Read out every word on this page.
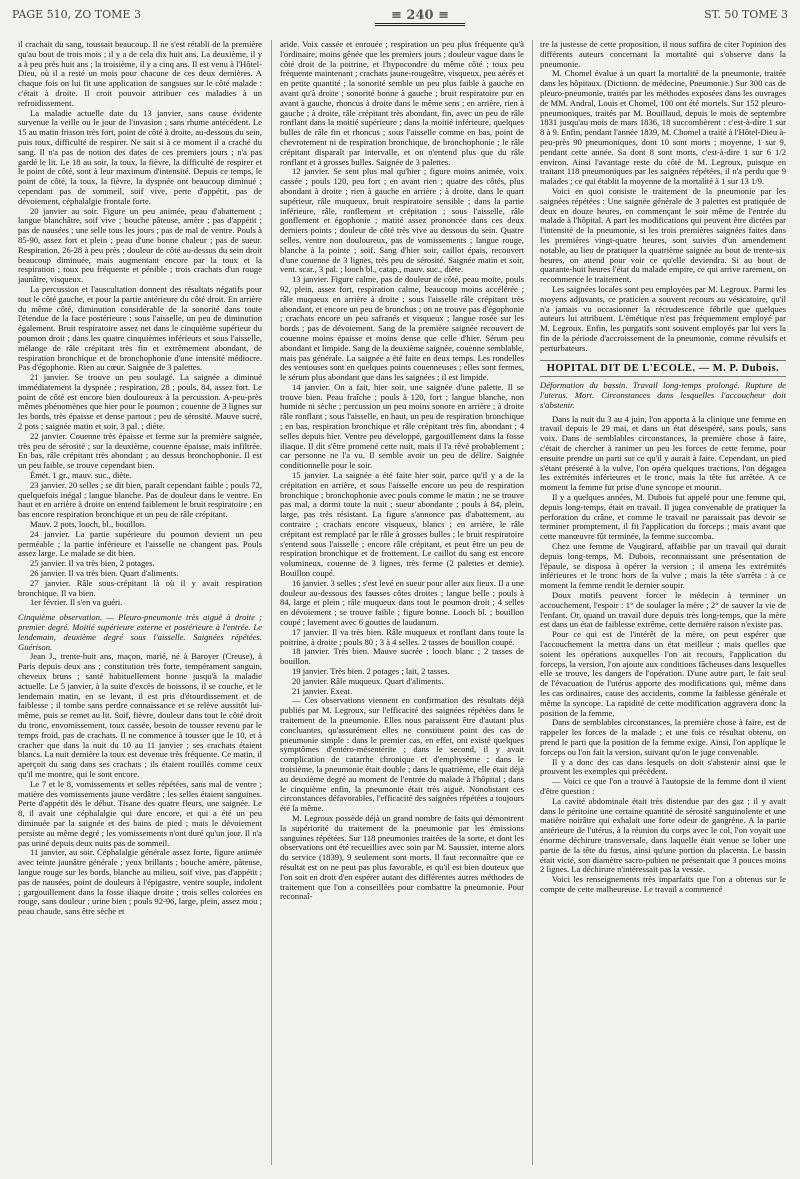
PAGE 510, ZO TOME 3	≡ 240 ≡	ST. 50 TOME 3

il crachait du sang, toussait beaucoup. Il ne s'est rétabli de la première qu'au bout de trois mois ; il y a de cela dix huit ans. La deuxième, il y a à peu près huit ans ; la troisième, il y a cinq ans. Il est venu à l'Hôtel-Dieu, où il a resté un mois pour chacune de ces deux dernières. A chaque fois on lui fit une application de sangsues sur le côté malade : c'était à droite. Il croit pouvoir attribuer ces maladies à un refroidissement.

La maladie actuelle date du 13 janvier, sans cause évidente survenue la veille ou le jour de l'invasion ; sans rhume antécédent. Le 15 au matin frisson très fort, point de côté à droite, au-dessous du sein, puis toux, difficulté de respirer. Ne sait si à ce moment il a craché du sang. Il n'a pas de notion des dates de ces premiers jours ; n'a pas gardé le lit. Le 18 au soir, la toux, la fièvre, la difficulté de respirer et le point de côté, sont à leur maximum d'intensité. Depuis ce temps, le point de côté, la toux, la fièvre, la dyspnée ont beaucoup diminué ; cependant pas de sommeil, soif vive, perte d'appétit, pas de dévoiement, céphalalgie frontale forte.

20 janvier au soir. Figure un peu animée, peau d'abattement ; langue blanchâtre, soif vive ; bouche pâteuse, amère ; pas d'appétit ; pas de nausées ; une selle tous les jours ; pas de mal de ventre. Pouls à 85-90, assez fort et plein ; peau d'une bonne chaleur ; pas de sueur. Respiration, 26-28 à peu près ; douleur de côté au-dessus du sein droit beaucoup diminuée, mais augmentant encore par la toux et la respiration ; toux peu fréquente et pénible ; trois crachats d'un rouge jaunâtre, visqueux.

La percussion et l'auscultation donnent des résultats négatifs pour tout le côté gauche, et pour la partie antérieure du côté droit. En arrière du même côté, diminution considérable de la sonorité dans toute l'étendue de la face postérieure ; sous l'aisselle, un peu de diminution également. Bruit respiratoire assez net dans le cinquième supérieur du poumon droit ; dans les quatre cinquièmes inférieurs et sous l'aisselle, mélange de râle crépitant très fin et extrêmement abondant, de respiration bronchique et de bronchophonie d'une intensité médiocre. Pas d'égophonie. Rien au cœur. Saignée de 3 palettes.

21 janvier. Se trouve un peu soulagé. La saignée a diminué immédiatement la dyspnée ; respiration, 28 ; pouls, 84, assez fort. Le point de côté est encore bien douloureux à la percussion. A-peu-près mêmes phénomènes que hier pour le poumon ; couenne de 3 lignes sur les bords, très épaisse et dense partout ; peu de sérosité. Mauve sucré, 2 pots ; saignée matin et soir, 3 pal. ; diète.

22 janvier. Couenne très épaisse et ferme sur la première saignée, très peu de sérosité ; sur la deuxième, couenne épaisse, mais infiltrée. En bas, râle crépitant très abondant ; au dessus bronchophonie. Il est un peu faible, se trouve cependant bien.

Émét. 1 gr., mauv. suc., diète.

23 janvier. 20 selles ; se dit bien, paraît cependant faible ; pouls 72, quelquefois inégal ; langue blanche. Pas de douleur dans le ventre. En haut et en arrière à droite on entend faiblement le bruit respiratoire ; en bas encore respiration bronchique et un peu de râle crépitant.

Mauv. 2 pots, looch, bl., bouillon.

24 janvier. La partie supérieure du poumon devient un peu perméable ; la partie inférieure et l'aisselle ne changent pas. Pouls assez large. Le malade se dit bien.

25 janvier. Il va très bien, 2 potages.

26 janvier. Il va très bien. Quart d'aliments.

27 janvier. Râle sous-crépitant là où il y avait respiration bronchique. Il va bien.

1er février. Il s'en va guéri.

Cinquième observation. — Pleuro-pneumonie très aiguë à droite ; premier degré. Moitié supérieure externe et postérieure à l'entrée. Le lendemain, deuxième degré sous l'aisselle. Saignées répétées. Guérison.

Jean J., trente-huit ans, maçon, marié, né à Baroyer (Creuse), à Paris depuis deux ans ; constitution très forte, tempérament sanguin, cheveux bruns ; santé habituellement bonne jusqu'à la maladie actuelle. Le 5 janvier, à la suite d'excès de boissons, il se couche, et le lendemain matin, en se levant, il est pris d'étourdissement et de faiblesse ; il tombe sans perdre connaissance et se relève aussitôt lui-même, puis se remet au lit. Soif, fièvre, douleur dans tout le côté droit du tronc, envomissement, toux cassée, besoin de tousser revenu par le temps froid, pas de crachats. Il ne commence à tousser que le 10, et à cracher que dans la nuit du 10 au 11 janvier ; ses crachats étaient blancs. La nuit dernière la toux est devenue très fréquente. Ce matin, il aperçoit du sang dans ses crachats ; ils étaient rouillés comme ceux qu'il me montre, qui le sont encore.

Le 7 et le 8, vomissements et selles répétées, sans mal de ventre ; matière des vomissements jaune verdâtre ; les selles étaient sanguines. Perte d'appétit dès le début. Tisane des quatre fleurs, une saignée. Le 8, il avait une céphalalgie qui dure encore, et qui a été un peu diminuée par la saignée et des bains de pied ; mais le dévoiement persiste au même degré ; les vomissements n'ont duré qu'un jour. Il n'a pas uriné depuis deux nuits pas de sommeil.

11 janvier, au soir. Céphalalgie générale assez forte, figure animée avec teinte jaunâtre générale ; yeux brillants ; bouche amère, pâteuse, langue rouge sur les bords, blanche au milieu, soif vive, pas d'appétit ; pas de nausées, point de douleurs à l'épigastre, ventre souple, indolent ; gargouillement dans la fosse iliaque droite ; trois selles colorées en rouge, sans douleur ; urine bien ; pouls 92-96, large, plein, assez mou ; peau chaude, sans être sèche et

aride. Voix cassée et enrouée ; respiration un peu plus fréquente qu'à l'ordinaire, moins gênée que les premiers jours ; douleur vague dans le côté droit de la poitrine, et l'hypocondre du même côté ; toux peu fréquente maintenant ; crachats jaune-rougeâtre, visqueux, peu aérés et en petite quantité ; la sonorité semble un peu plus faible à gauche en avant qu'à droite ; sonorité bonne à gauche ; bruit respiratoire pur en avant à gauche, rhoncus à droite dans le même sens ; en arrière, rien à gauche ; à droite, râle crépitant très abondant, fin, avec un peu de râle ronflant dans la moitié supérieure ; dans la moitié inférieure, quelques bulles de râle fin et rhoncus ; sous l'aisselle comme en bas, point de chevrotement ni de respiration bronchique, de bronchophonie ; le râle crépitant disparaît par intervalle, et on n'entend plus que du râle ronflant et à grosses bulles. Saignée de 3 palettes.

12 janvier. Se sent plus mal qu'hier ; figure moins animée, voix cassée ; pouls 120, peu fort ; en avant rien ; quatre des côtés, plus abondant à droite ; rien à gauche en arrière ; à droite, dans le quart supérieur, râle muqueux, bruit respiratoire sensible ; dans la partie inférieure, râle, ronflement et crépitation ; sous l'aisselle, râle gonflement et égophonie ; matité assez prononcée dans ces deux derniers points ; douleur de côté très vive au dessous du sein. Quatre selles, ventre non douloureux, pas de vomissements ; langue rouge, blanche à la pointe ; soif. Sang d'hier soir, caillot épais, recouvert d'une couenne de 3 lignes, très peu de sérosité. Saignée matin et soir, vent. scar., 3 pal. ; looch bl., catap., mauv. suc., diète.

13 janvier. Figure calme, pas de douleur de côté, peau moite, pouls 92, plein, assez fort, respiration calme, beaucoup moins accélérée ; râle muqueux en arrière à droite ; sous l'aisselle râle crépitant très abondant, et encore un peu de bronchus ; on ne trouve pas d'égophonie ; crachats encore un peu safranés et visqueux ; langue rosée sur les bords ; pas de dévoiement. Sang de la première saignée recouvert de couenne moins épaisse et moins dense que celle d'hier. Sérum peu abondant et limpide. Sang de la deuxième saignée, couenne semblable, mais pas générale. La saignée a été faite en deux temps. Les rondelles des ventouses sont en quelques points couenneuses ; elles sont fermes, le sérum plus abondant que dans les saignées ; il est limpide.

14 janvier. On a fait, hier soir, une saignée d'une palette. Il se trouve bien. Peau fraîche ; pouls à 120, fort ; langue blanche, non humide ni sèche ; percussion un peu moins sonore en arrière ; à droite râle ronflant ; sous l'aisselle, en haut, un peu de respiration bronchique ; en bas, respiration bronchique et râle crépitant très fin, abondant ; 4 selles depuis hier. Ventre peu développé, gargouillement dans la fosse iliaque. Il dit s'être promené cette nuit, mais il l'a rêvé probablement ; car personne ne l'a vu. Il semble avoir un peu de délire. Saignée conditionnelle pour le soir.

15 janvier. La saignée a été faite hier soir, parce qu'il y a de la crépitation en arrière, et sous l'aisselle encore un peu de respiration bronchique ; bronchophonie avec pouls comme le matin ; ne se trouve pas mal, a dormi toute la nuit ; sueur abondante ; pouls à 84, plein, large, pas très résistant. La figure s'annonce pas d'abattement, au contraire ; crachats encore visqueux, blancs ; en arrière, le râle crépitant est remplacé par le râle à grosses bulles ; le bruit respiratoire s'entend sous l'aisselle ; encore râle crépitant, et peut être un peu de respiration bronchique et de frottement. Le caillot du sang est encore volumineux, couenne de 3 lignes, très ferme (2 palettes et demie). Bouillon coupé.

16 janvier. 3 selles ; s'est levé en sueur pour aller aux lieux. Il a une douleur au-dessous des fausses côtes droites ; langue belle ; pouls à 84, large et plein ; râle muqueux dans tout le poumon droit ; 4 selles en dévoiement ; se trouve faible ; figure bonne. Looch bl. ; bouillon coupé ; lavement avec 6 gouttes de laudanum.

17 janvier. Il va très bien. Râle muqueux et ronflant dans toute la poitrine, à droite ; pouls 80 ; 3 à 4 selles. 2 tasses de bouillon coupé.

18 janvier. Très bien. Mauve sucrée ; looch blanc ; 2 tasses de bouillon.

19 janvier. Très bien. 2 potages ; lait, 2 tasses.

20 janvier. Râle muqueux. Quart d'aliments.

21 janvier. Exeat.

— Ces observations viennent en confirmation des résultats déjà publiés par M. Legroux, sur l'efficacité des saignées répétées dans le traitement de la pneumonie. Elles nous paraissent être d'autant plus concluantes, qu'assurément elles ne constituent point des cas de pneumonie simple : dans le premier cas, en effet, ont existé quelques symptômes d'entéro-mésentérite ; dans le second, il y avait complication de catarrhe chronique et d'emphysème ; dans le troisième, la pneumonie était double ; dans le quatrième, elle était déjà au deuxième degré au moment de l'entrée du malade à l'hôpital ; dans le cinquième enfin, la pneumonie était très aiguë. Nonobstant ces circonstances défavorables, l'efficacité des saignées répétées a toujours été la même.

M. Legroux possède déjà un grand nombre de faits qui démontrent la supériorité du traitement de la pneumonie par les émissions sanguines répétées. Sur 118 pneumonies traitées de la sorte, et dont les observations ont été recueillies avec soin par M. Saussier, interne alors du service (1839), 9 seulement sont morts. Il faut reconnaître que ce résultat est on ne peut pas plus favorable, et qu'il est bien douteux que l'on soit en droit d'en espérer autant des différentes autres méthodes de traitement que l'on a conseillées pour combattre la pneumonie. Pour reconnaî-

tre la justesse de cette proposition, il nous suffira de citer l'opinion des différents auteurs concernant la mortalité qui s'observe dans la pneumonie.

M. Chomel évalue à un quart la mortalité de la pneumonie, traitée dans les hôpitaux. (Dictionn. de médecine, Pneumonie.) Sur 300 cas de pleuro-pneumonie, traités par les méthodes exposées dans les ouvrages de MM. Andral, Louis et Chomel, 100 ont été mortels. Sur 152 pleuro-pneumoniques, traités par M. Bouillaud, depuis le mois de septembre 1831 jusqu'au mois de mars 1836, 18 succombèrent : c'est-à-dire 1 sur 8 à 9. Enfin, pendant l'année 1839, M. Chomel a traité à l'Hôtel-Dieu à-peu-près 90 pneumoniques, dont 10 sont morts ; moyenne, 1 sur 9, pendant cette année. Sa dont 8 sont morts, c'est-à-dire 1 sur 6 1/2 environ. Ainsi l'avantage reste du côté de M. Legroux, puisque en traitant 118 pneumoniques par les saignées répétées, il n'a perdu que 9 malades ; ce qui établit la moyenne de la mortalité à 1 sur 13 1/9.

Voici en quoi consiste le traitement de la pneumonie par les saignées répétées : Une saignée générale de 3 palettes est pratiquée de deux en douze heures, en commençant le soir même de l'entrée du malade à l'hôpital. A part les modifications qui peuvent être dictées par l'intensité de la pneumonie, si les trois premières saignées faites dans les premières vingt-quatre heures, sont suivies d'un amendement notable, au lieu de pratiquer la quatrième saignée au bout de trente-six heures, on attend pour voir ce qu'elle deviendra. Si au bout de quarante-huit heures l'état du malade empire, ce qui arrive rarement, on recommence le traitement.

Les saignées locales sont peu employées par M. Legroux. Parmi les moyens adjuvants, ce praticien a souvent recours au vésicatoire, qu'il n'a jamais vu occasionner la récrudescence fébrile que quelques auteurs lui attribuent. L'émétique n'est pas fréquemment employé par M. Legroux. Enfin, les purgatifs sont souvent employés par lui vers la fin de la période d'accroissement de la pneumonie, comme révulsifs et perturbateurs.

HOPITAL DIT DE L'ECOLE. — M. P. Dubois.

Déformation du bassin. Travail long-temps prolongé. Rupture de l'uterus. Mort. Circonstances dans lesquelles l'accoucheur doit s'abstenir.

Dans la nuit du 3 au 4 juin, l'on apporta à la clinique une femme en travail depuis le 29 mai, et dans un état désespéré, sans pouls, sans voix. Dans de semblables circonstances, la première chose à faire, c'était de chercher à ranimer un peu les forces de cette femme, pour ensuite prendre un parti sur ce qu'il y aurait à faire. Cependant, un pied s'étant présenté à la vulve, l'on opéra quelques tractions, l'on dégagea les extrémités inférieures et le tronc, mais la tête fut arrêtée. A ce moment la femme fut prise d'une syncope et mourut.

Il y a quelques années, M. Dubois fut appelé pour une femme qui, depuis long-temps, était en travail. Il jugea convenable de pratiquer la perforation du crâne, et comme le travail ne paraissait pas devoir se terminer promptement, il fit l'application du forceps ; mais avant que cette manœuvre fût terminée, la femme succomba.

Chez une femme de Vaugirard, affaiblie par un travail qui durait depuis long-temps, M. Dubois, reconnaissant une présentation de l'épaule, se disposa à opérer la version ; il amena les extrémités inférieures et le tronc hors de la vulve ; mais la tête s'arrêta : à ce moment la femme rendit le dernier soupir.

Doux motifs peuvent forcer le médecin à terminer un accouchement, l'espoir : 1° de soulager la mère ; 2° de sauver la vie de l'enfant. Or, quand un travail dure depuis très long-temps, que la mère est dans un état de faiblesse extrême, cette dernière raison n'existe pas.

Pour ce qui est de l'intérêt de la mère, on peut espérer que l'accouchement la mettra dans un état meilleur ; mais quelles que soient les opérations auxquelles l'on ait recours, l'application du forceps, la version, l'on ajoute aux conditions fâcheuses dans lesquelles elle se trouve, les dangers de l'opération. D'une autre part, le fait seul de l'évacuation de l'utérus apporte des modifications qui, même dans les cas ordinaires, cause des accidents, comme la faiblesse générale et même la syncope. La rapidité de cette modification aggravera donc la position de la femme.

Dans de semblables circonstances, la première chose à faire, est de rappeler les forces de la malade ; et une fois ce résultat obtenu, on prend le parti que la position de la femme exige. Ainsi, l'on applique le forceps ou l'on fait la version, suivant qu'on le juge convenable.

Il y a donc des cas dans lesquels on doit s'abstenir ainsi que le prouvent les exemples qui précèdent.

— Voici ce que l'on a trouvé à l'autopsie de la femme dont il vient d'être question :

La cavité abdominale était très distendue par des gaz ; il y avait dans le péritoine une certaine quantité de sérosité sanguinolente et une matière noirâtre qui exhalait une forte odeur de gangrène. A la partie antérieure de l'utérus, à la réunion du corps avec le col, l'on voyait une énorme déchirure transversale, dans laquelle était venue se lober une partie de la tête du fœtus, ainsi qu'une portion du placenta. Le bassin était vicié, son diamètre sacro-pubien ne présentait que 3 pouces moins 2 lignes. La déchirure n'intéressait pas la vessie.

Voici les renseignements très imparfaits que l'on a obtenus sur le compte de cette malheureuse. Le travail a commencé
